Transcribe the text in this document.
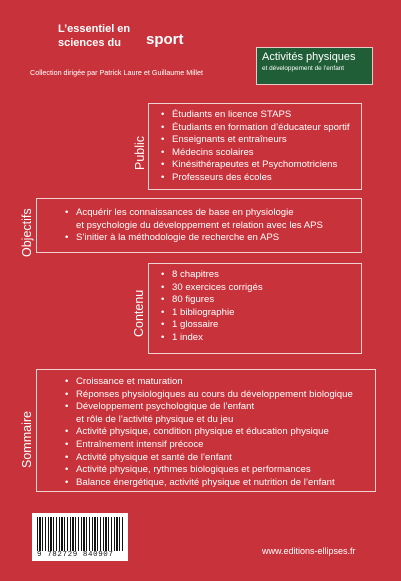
L’essentiel en
sciences du	sport
Collection dirigée par Patrick Laure et Guillaume Millet
Activités physiques
et développement de l’enfant
Public
• Étudiants en licence STAPS
• Étudiants en formation d’éducateur sportif
• Enseignants et entraîneurs
• Médecins scolaires
• Kinésithérapeutes et Psychomotriciens
• Professeurs des écoles
Objectifs
•	Acquérir les connaissances de base en physiologie
et psychologie du développement et relation avec les APS
• S’initier à la méthodologie de recherche en APS
Contenu
• 8 chapitres
• 30 exercices corrigés
• 80 figures
• 1 bibliographie
• 1 glossaire
• 1 index
Sommaire
• Croissance et maturation
• Réponses physiologiques au cours du développement biologique
• Développement psychologique de l’enfant
et rôle de l’activité physique et du jeu
• Activité physique, condition physique et éducation physique
• Entraînement intensif précoce
• Activité physique et santé de l’enfant
• Activité physique, rythmes biologiques et performances
• Balance énergétique, activité physique et nutrition de l’enfant
9 782729 840907	www.editions-ellipses.fr
